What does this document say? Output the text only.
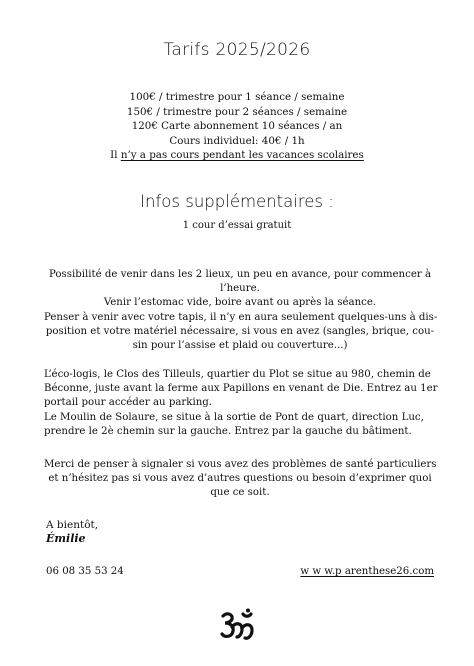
Tarifs 2025/2026
100€ / trimestre pour 1 séance / semaine
150€ / trimestre pour 2 séances / semaine
120€ Carte abonnement 10 séances / an
Cours individuel: 40€ / 1h
Il n’y a pas cours pendant les vacances scolaires
Infos supplémentaires :
1 cour d’essai gratuit
Possibilité de venir dans les 2 lieux, un peu en avance, pour commencer à
l’heure.
Venir l’estomac vide, boire avant ou après la séance.
Penser à venir avec votre tapis, il n’y en aura seulement quelques-uns à dis-
position et votre matériel nécessaire, si vous en avez (sangles, brique, cou-
sin pour l’assise et plaid ou couverture...)
L’éco-logis, le Clos des Tilleuls, quartier du Plot se situe au 980, chemin de
Béconne, juste avant la ferme aux Papillons en venant de Die. Entrez au 1er
portail pour accéder au parking.
Le Moulin de Solaure, se situe à la sortie de Pont de quart, direction Luc,
prendre le 2è chemin sur la gauche. Entrez par la gauche du bâtiment.
Merci de penser à signaler si vous avez des problèmes de santé particuliers
et n’hésitez pas si vous avez d’autres questions ou besoin d’exprimer quoi
que ce soit.
A bientôt,
Émilie
06 08 35 53 24	w w w.p arenthese26.com
